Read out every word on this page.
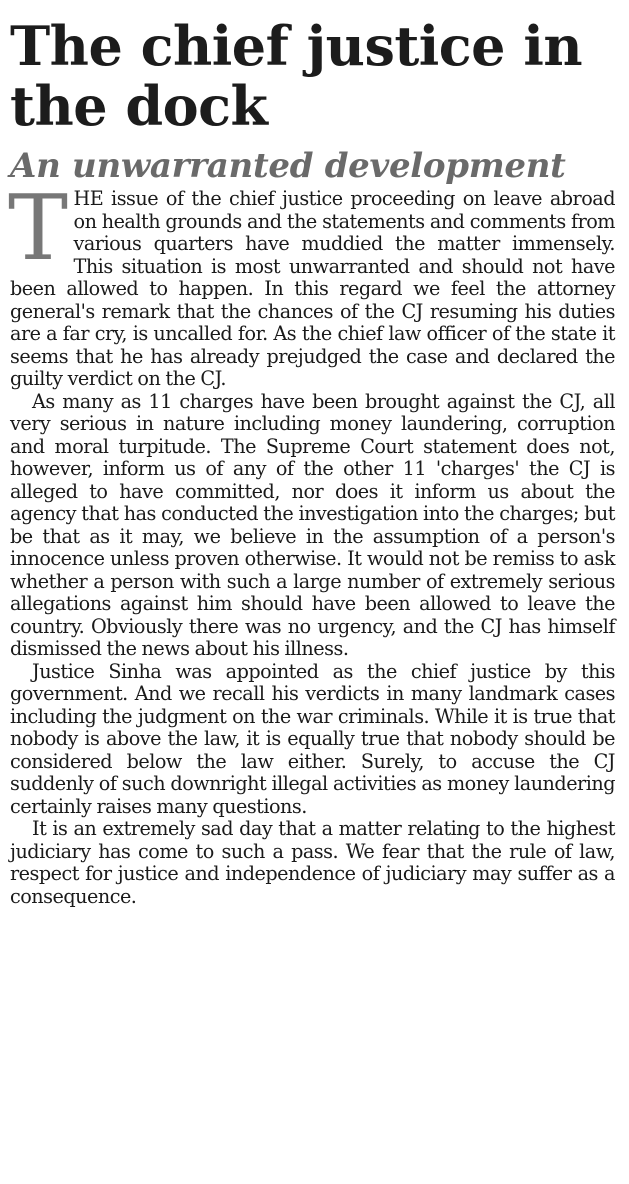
The chief justice in the dock
An unwarranted development

THE issue of the chief justice proceeding on leave abroad on health grounds and the statements and comments from various quarters have muddied the matter immensely. This situation is most unwarranted and should not have been allowed to happen. In this regard we feel the attorney general's remark that the chances of the CJ resuming his duties are a far cry, is uncalled for. As the chief law officer of the state it seems that he has already prejudged the case and declared the guilty verdict on the CJ.

As many as 11 charges have been brought against the CJ, all very serious in nature including money laundering, corruption and moral turpitude. The Supreme Court statement does not, however, inform us of any of the other 11 'charges' the CJ is alleged to have committed, nor does it inform us about the agency that has conducted the investigation into the charges; but be that as it may, we believe in the assumption of a person's innocence unless proven otherwise. It would not be remiss to ask whether a person with such a large number of extremely serious allegations against him should have been allowed to leave the country. Obviously there was no urgency, and the CJ has himself dismissed the news about his illness.

Justice Sinha was appointed as the chief justice by this government. And we recall his verdicts in many landmark cases including the judgment on the war criminals. While it is true that nobody is above the law, it is equally true that nobody should be considered below the law either. Surely, to accuse the CJ suddenly of such downright illegal activities as money laundering certainly raises many questions.

It is an extremely sad day that a matter relating to the highest judiciary has come to such a pass. We fear that the rule of law, respect for justice and independence of judiciary may suffer as a consequence.
